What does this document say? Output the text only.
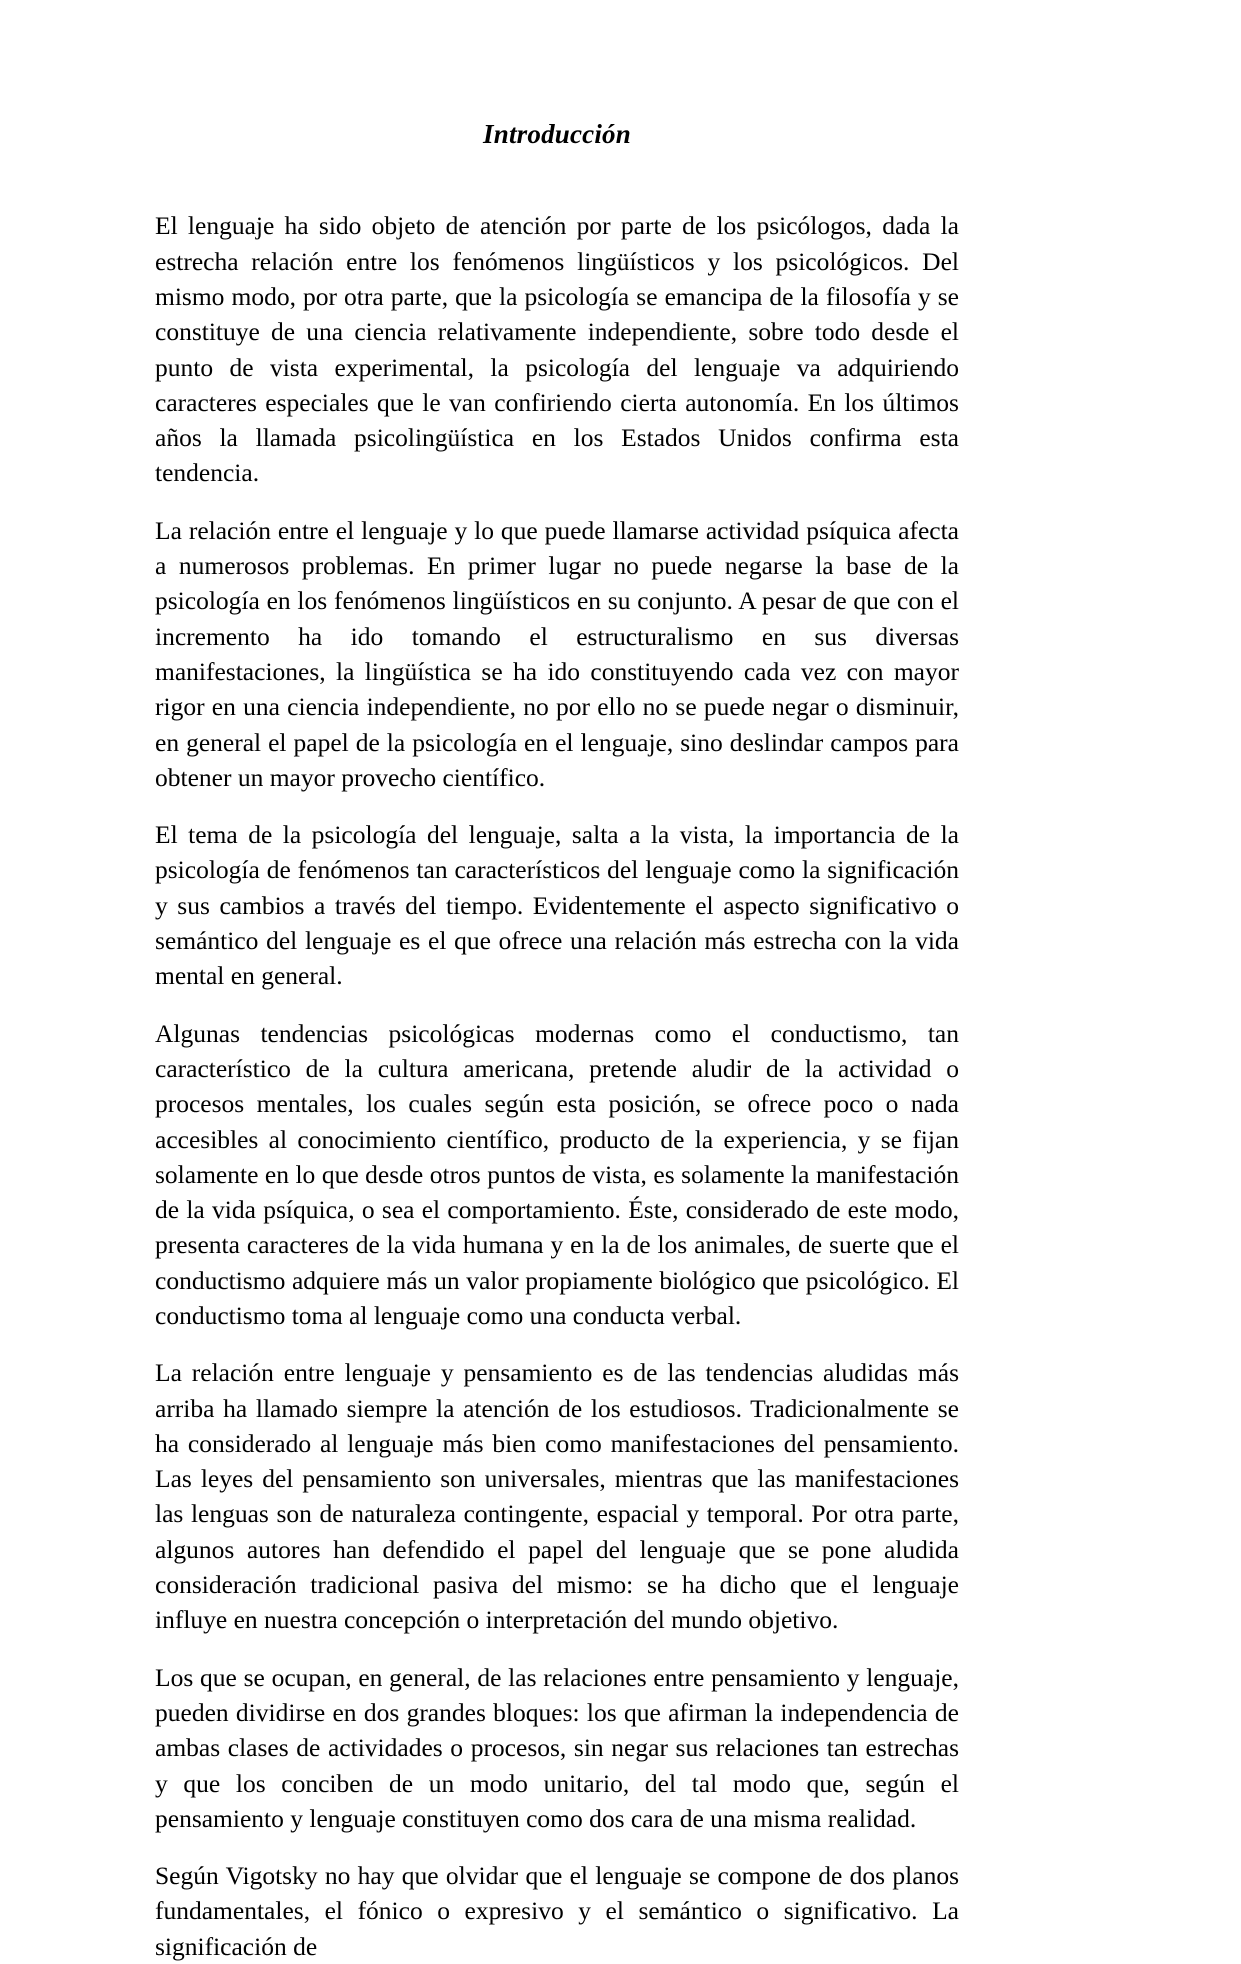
Introducción

El lenguaje ha sido objeto de atención por parte de los psicólogos, dada la estrecha relación entre los fenómenos lingüísticos y los psicológicos. Del mismo modo, por otra parte, que la psicología se emancipa de la filosofía y se constituye de una ciencia relativamente independiente, sobre todo desde el punto de vista experimental, la psicología del lenguaje va adquiriendo caracteres especiales que le van confiriendo cierta autonomía. En los últimos años la llamada psicolingüística en los Estados Unidos confirma esta tendencia.

La relación entre el lenguaje y lo que puede llamarse actividad psíquica afecta a numerosos problemas. En primer lugar no puede negarse la base de la psicología en los fenómenos lingüísticos en su conjunto. A pesar de que con el incremento ha ido tomando el estructuralismo en sus diversas manifestaciones, la lingüística se ha ido constituyendo cada vez con mayor rigor en una ciencia independiente, no por ello no se puede negar o disminuir, en general el papel de la psicología en el lenguaje, sino deslindar campos para obtener un mayor provecho científico.

El tema de la psicología del lenguaje, salta a la vista, la importancia de la psicología de fenómenos tan característicos del lenguaje como la significación y sus cambios a través del tiempo. Evidentemente el aspecto significativo o semántico del lenguaje es el que ofrece una relación más estrecha con la vida mental en general.

Algunas tendencias psicológicas modernas como el conductismo, tan característico de la cultura americana, pretende aludir de la actividad o procesos mentales, los cuales según esta posición, se ofrece poco o nada accesibles al conocimiento científico, producto de la experiencia, y se fijan solamente en lo que desde otros puntos de vista, es solamente la manifestación de la vida psíquica, o sea el comportamiento. Éste, considerado de este modo, presenta caracteres de la vida humana y en la de los animales, de suerte que el conductismo adquiere más un valor propiamente biológico que psicológico. El conductismo toma al lenguaje como una conducta verbal.

La relación entre lenguaje y pensamiento es de las tendencias aludidas más arriba ha llamado siempre la atención de los estudiosos. Tradicionalmente se ha considerado al lenguaje más bien como manifestaciones del pensamiento. Las leyes del pensamiento son universales, mientras que las manifestaciones las lenguas son de naturaleza contingente, espacial y temporal. Por otra parte, algunos autores han defendido el papel del lenguaje que se pone aludida consideración tradicional pasiva del mismo: se ha dicho que el lenguaje influye en nuestra concepción o interpretación del mundo objetivo.

Los que se ocupan, en general, de las relaciones entre pensamiento y lenguaje, pueden dividirse en dos grandes bloques: los que afirman la independencia de ambas clases de actividades o procesos, sin negar sus relaciones tan estrechas y que los conciben de un modo unitario, del tal modo que, según el pensamiento y lenguaje constituyen como dos cara de una misma realidad.

Según Vigotsky no hay que olvidar que el lenguaje se compone de dos planos fundamentales, el fónico o expresivo y el semántico o significativo. La significación de
